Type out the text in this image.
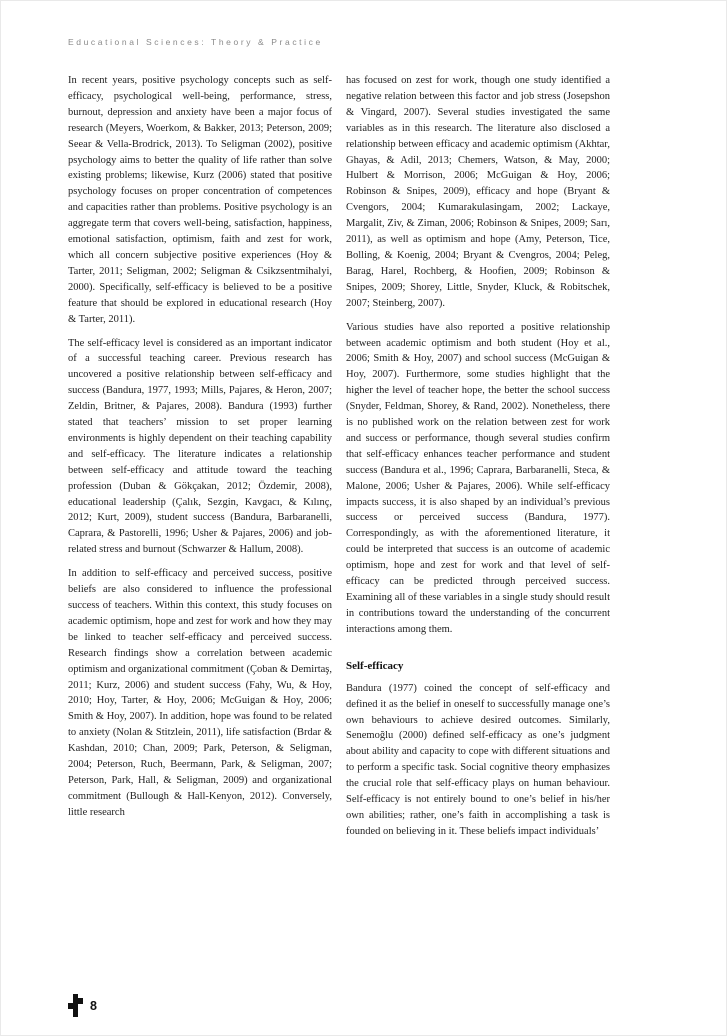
Educational Sciences: Theory & Practice

In recent years, positive psychology concepts such as self-efficacy, psychological well-being, performance, stress, burnout, depression and anxiety have been a major focus of research (Meyers, Woerkom, & Bakker, 2013; Peterson, 2009; Seear & Vella-Brodrick, 2013). To Seligman (2002), positive psychology aims to better the quality of life rather than solve existing problems; likewise, Kurz (2006) stated that positive psychology focuses on proper concentration of competences and capacities rather than problems. Positive psychology is an aggregate term that covers well-being, satisfaction, happiness, emotional satisfaction, optimism, faith and zest for work, which all concern subjective positive experiences (Hoy & Tarter, 2011; Seligman, 2002; Seligman & Csikzsentmihalyi, 2000). Specifically, self-efficacy is believed to be a positive feature that should be explored in educational research (Hoy & Tarter, 2011).

The self-efficacy level is considered as an important indicator of a successful teaching career. Previous research has uncovered a positive relationship between self-efficacy and success (Bandura, 1977, 1993; Mills, Pajares, & Heron, 2007; Zeldin, Britner, & Pajares, 2008). Bandura (1993) further stated that teachers’ mission to set proper learning environments is highly dependent on their teaching capability and self-efficacy. The literature indicates a relationship between self-efficacy and attitude toward the teaching profession (Duban & Gökçakan, 2012; Özdemir, 2008), educational leadership (Çalık, Sezgin, Kavgacı, & Kılınç, 2012; Kurt, 2009), student success (Bandura, Barbaranelli, Caprara, & Pastorelli, 1996; Usher & Pajares, 2006) and job-related stress and burnout (Schwarzer & Hallum, 2008).

In addition to self-efficacy and perceived success, positive beliefs are also considered to influence the professional success of teachers. Within this context, this study focuses on academic optimism, hope and zest for work and how they may be linked to teacher self-efficacy and perceived success. Research findings show a correlation between academic optimism and organizational commitment (Çoban & Demirtaş, 2011; Kurz, 2006) and student success (Fahy, Wu, & Hoy, 2010; Hoy, Tarter, & Hoy, 2006; McGuigan & Hoy, 2006; Smith & Hoy, 2007). In addition, hope was found to be related to anxiety (Nolan & Stitzlein, 2011), life satisfaction (Brdar & Kashdan, 2010; Chan, 2009; Park, Peterson, & Seligman, 2004; Peterson, Ruch, Beermann, Park, & Seligman, 2007; Peterson, Park, Hall, & Seligman, 2009) and organizational commitment (Bullough & Hall-Kenyon, 2012). Conversely, little research

has focused on zest for work, though one study identified a negative relation between this factor and job stress (Josepshon & Vingard, 2007). Several studies investigated the same variables as in this research. The literature also disclosed a relationship between efficacy and academic optimism (Akhtar, Ghayas, & Adil, 2013; Chemers, Watson, & May, 2000; Hulbert & Morrison, 2006; McGuigan & Hoy, 2006; Robinson & Snipes, 2009), efficacy and hope (Bryant & Cvengors, 2004; Kumarakulasingam, 2002; Lackaye, Margalit, Ziv, & Ziman, 2006; Robinson & Snipes, 2009; Sarı, 2011), as well as optimism and hope (Amy, Peterson, Tice, Bolling, & Koenig, 2004; Bryant & Cvengros, 2004; Peleg, Barag, Harel, Rochberg, & Hoofien, 2009; Robinson & Snipes, 2009; Shorey, Little, Snyder, Kluck, & Robitschek, 2007; Steinberg, 2007).

Various studies have also reported a positive relationship between academic optimism and both student (Hoy et al., 2006; Smith & Hoy, 2007) and school success (McGuigan & Hoy, 2007). Furthermore, some studies highlight that the higher the level of teacher hope, the better the school success (Snyder, Feldman, Shorey, & Rand, 2002). Nonetheless, there is no published work on the relation between zest for work and success or performance, though several studies confirm that self-efficacy enhances teacher performance and student success (Bandura et al., 1996; Caprara, Barbaranelli, Steca, & Malone, 2006; Usher & Pajares, 2006). While self-efficacy impacts success, it is also shaped by an individual’s previous success or perceived success (Bandura, 1977). Correspondingly, as with the aforementioned literature, it could be interpreted that success is an outcome of academic optimism, hope and zest for work and that level of self-efficacy can be predicted through perceived success. Examining all of these variables in a single study should result in contributions toward the understanding of the concurrent interactions among them.

Self-efficacy

Bandura (1977) coined the concept of self-efficacy and defined it as the belief in oneself to successfully manage one’s own behaviours to achieve desired outcomes. Similarly, Senemoğlu (2000) defined self-efficacy as one’s judgment about ability and capacity to cope with different situations and to perform a specific task. Social cognitive theory emphasizes the crucial role that self-efficacy plays on human behaviour. Self-efficacy is not entirely bound to one’s belief in his/her own abilities; rather, one’s faith in accomplishing a task is founded on believing in it. These beliefs impact individuals’

8
